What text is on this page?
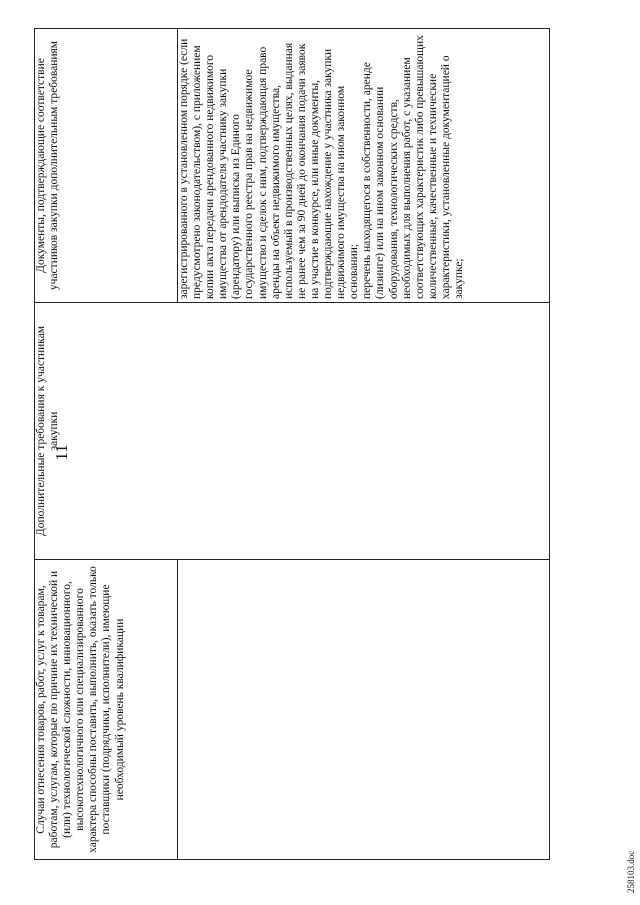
11
Случаи отнесения товаров, работ, услуг к товарам, работам, услугам, которые по причине их технической и (или) технологической сложности, инновационного, высокотехнологичного или специализированного характера способны поставить, выполнить, оказать только поставщики (подрядчики, исполнители), имеющие необходимый уровень квалификации	Дополнительные требования к участникам закупки	Документы, подтверждающие соответствие участников закупки дополнительным требованиям

		зарегистрированного в установленном порядке (если предусмотрено законодательством), с приложением копии акта передачи арендованного недвижимого имущества от арендодателя участнику закупки (арендатору) или выписка из Единого государственного реестра прав на недвижимое имущество и сделок с ним, подтверждающая право аренды на объект недвижимого имущества, используемый в производственных целях, выданная не ранее чем за 90 дней до окончания подачи заявок на участие в конкурсе, или иные документы, подтверждающие нахождение у участника закупки недвижимого имущества на ином законном основании; перечень находящегося в собственности, аренде (лизинге) или на ином законном основании оборудования, технологических средств, необходимых для выполнения работ, с указанием соответствующих характеристик либо превышающих количественные, качественные и технические характеристики, установленные документацией о закупке;

258103.doc
